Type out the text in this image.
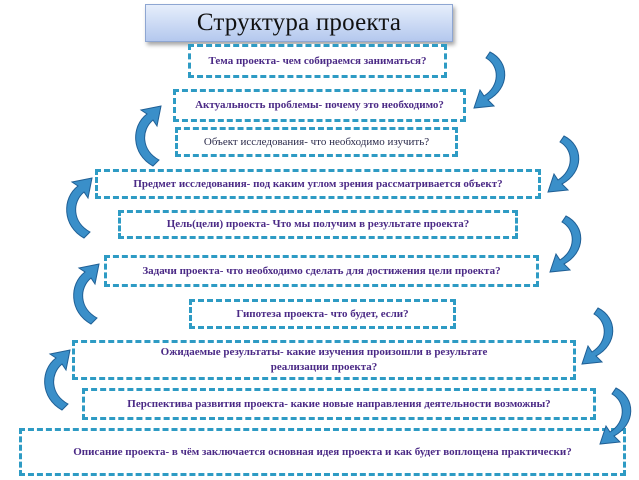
Структура проекта
Тема проекта- чем собираемся заниматься?
Актуальность проблемы- почему это необходимо?
Объект исследования- что необходимо изучить?
Предмет исследования- под каким углом зрения рассматривается объект?
Цель(цели) проекта- Что мы получим в результате проекта?
Задачи проекта- что необходимо сделать для достижения цели проекта?
Гипотеза проекта- что будет, если?
Ожидаемые результаты- какие изучения произошли в результате реализации проекта?
Перспектива развития проекта- какие новые направления деятельности возможны?
Описание проекта- в чём заключается основная идея проекта и как будет воплощена практически?
